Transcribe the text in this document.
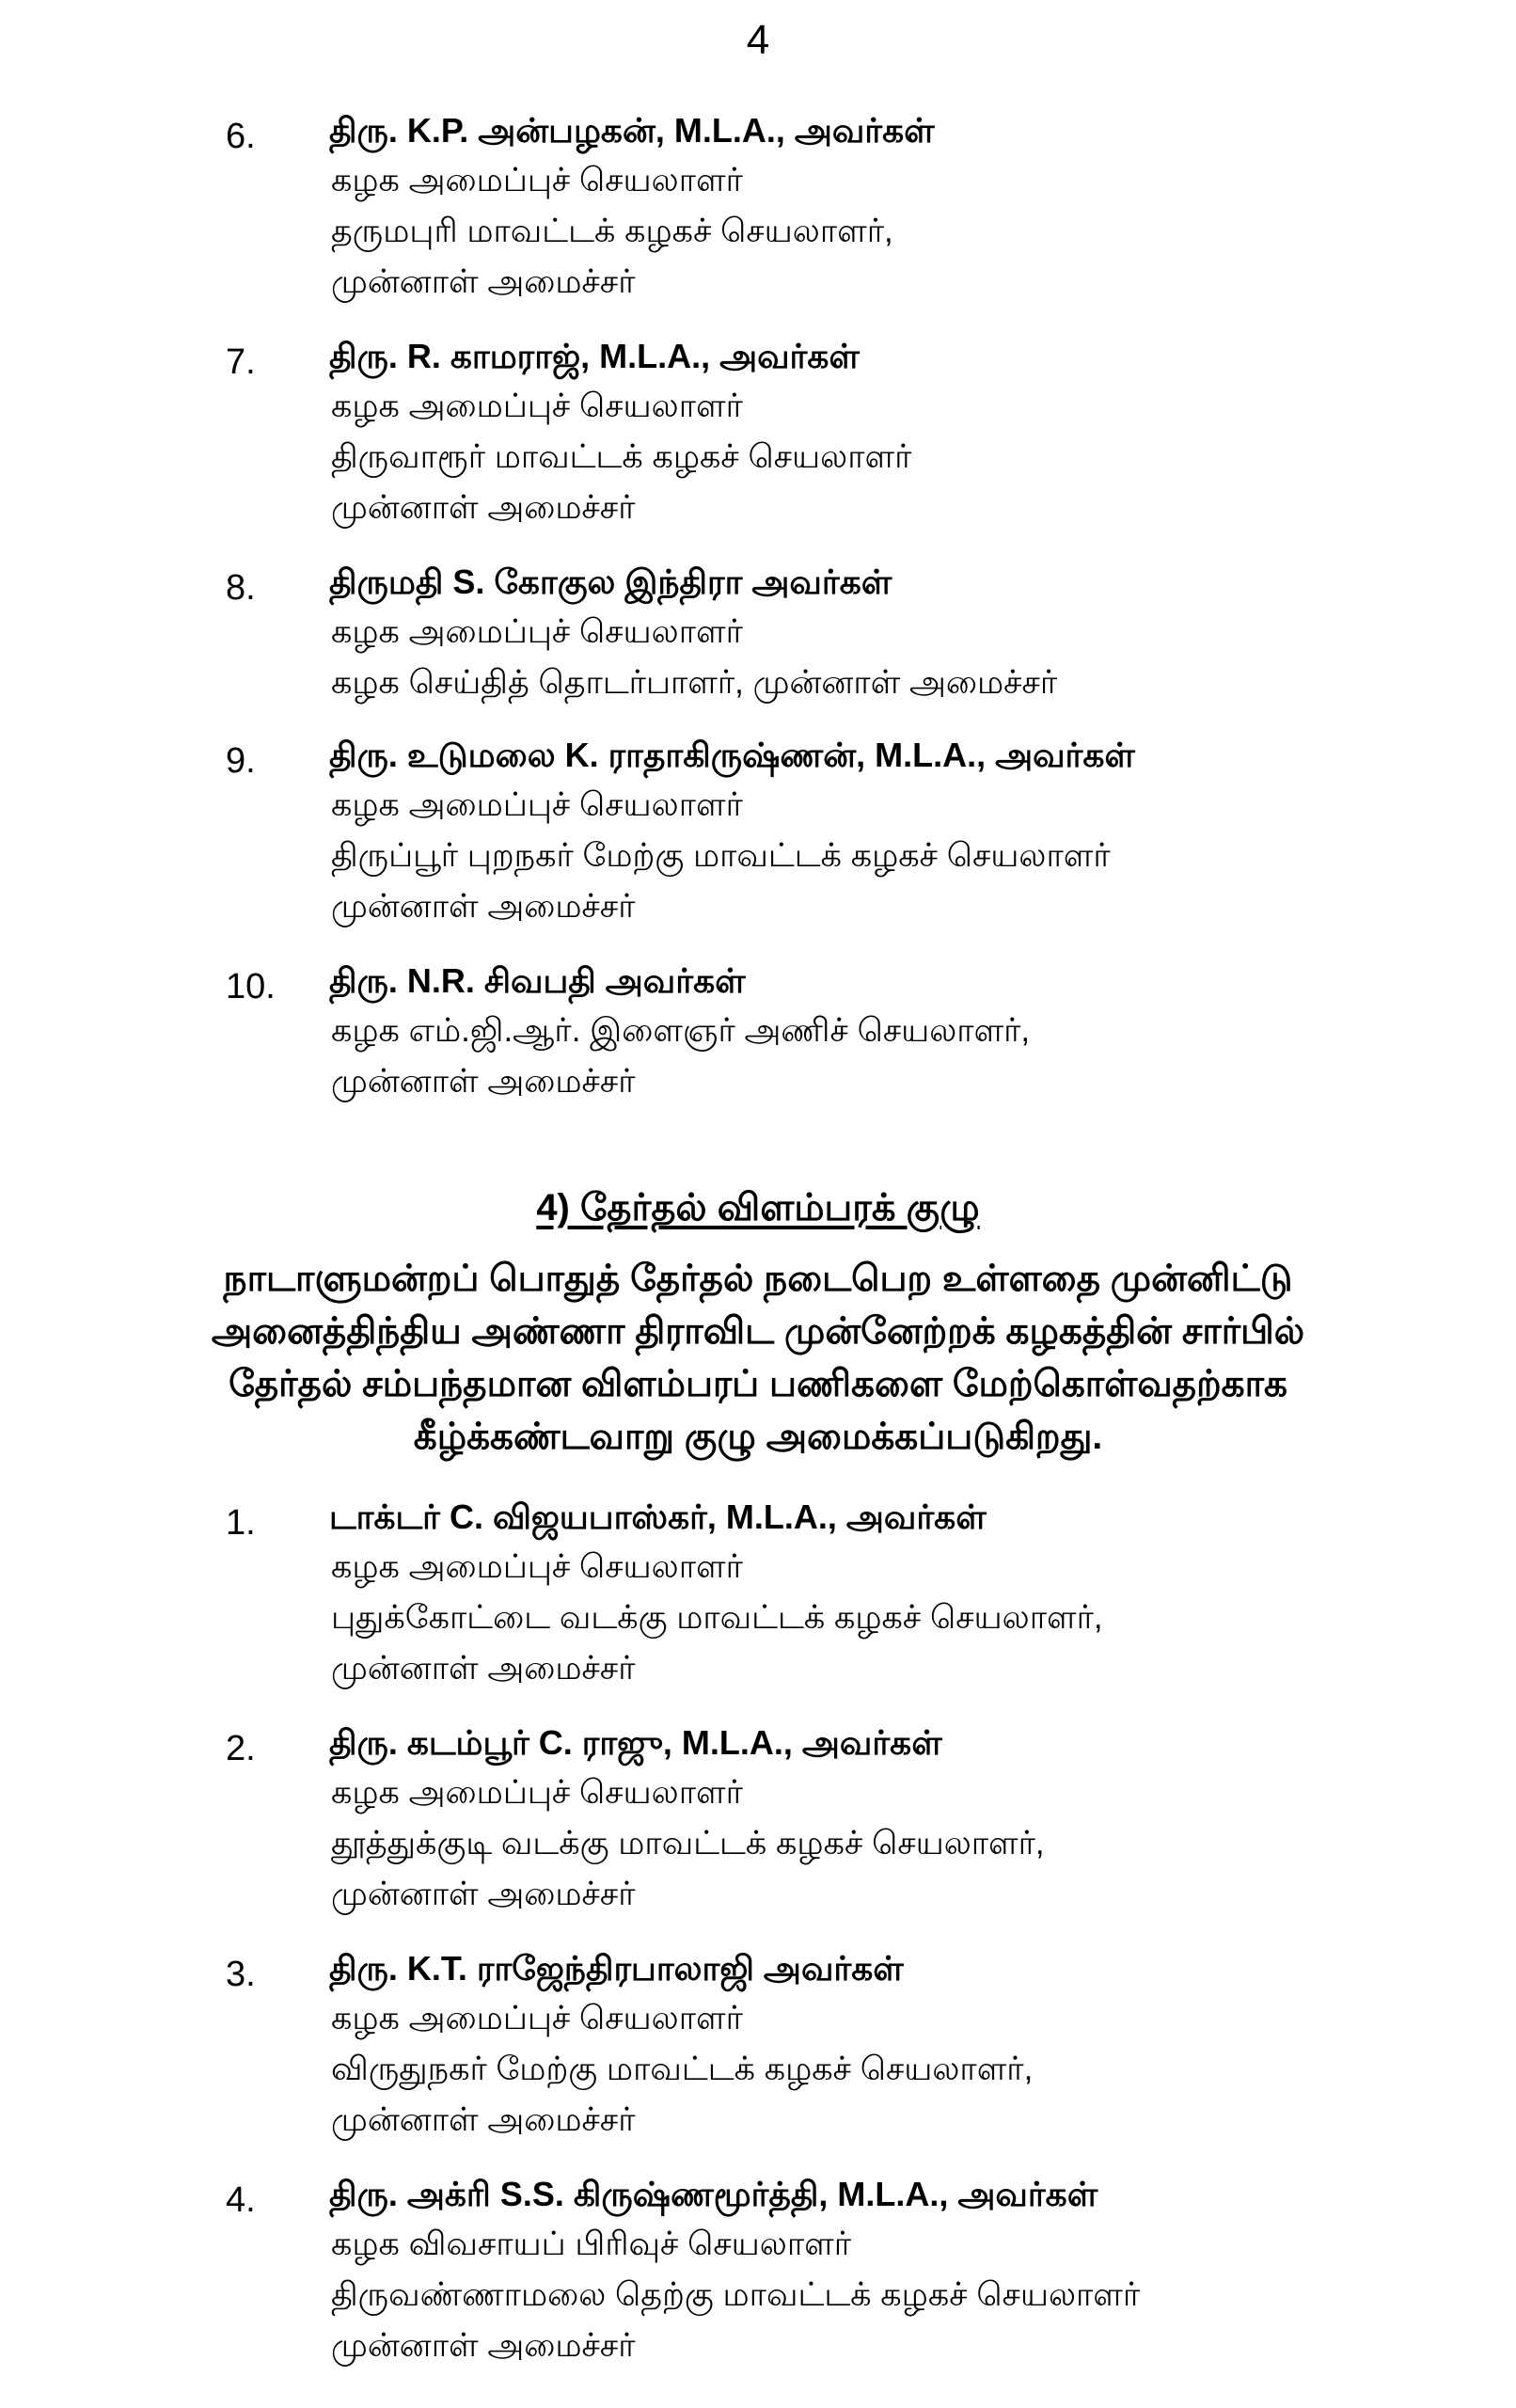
4
6. திரு. K.P. அன்பழகன், M.L.A., அவர்கள்
கழக அமைப்புச் செயலாளர்
தருமபுரி மாவட்டக் கழகச் செயலாளர்,
முன்னாள் அமைச்சர்
7. திரு. R. காமராஜ், M.L.A., அவர்கள்
கழக அமைப்புச் செயலாளர்
திருவாரூர் மாவட்டக் கழகச் செயலாளர்
முன்னாள் அமைச்சர்
8. திருமதி S. கோகுல இந்திரா அவர்கள்
கழக அமைப்புச் செயலாளர்
கழக செய்தித் தொடர்பாளர், முன்னாள் அமைச்சர்
9. திரு. உடுமலை K. ராதாகிருஷ்ணன், M.L.A., அவர்கள்
கழக அமைப்புச் செயலாளர்
திருப்பூர் புறநகர் மேற்கு மாவட்டக் கழகச் செயலாளர்
முன்னாள் அமைச்சர்
10. திரு. N.R. சிவபதி அவர்கள்
கழக எம்.ஜி.ஆர். இளைஞர் அணிச் செயலாளர்,
முன்னாள் அமைச்சர்
4) தேர்தல் விளம்பரக் குழு
நாடாளுமன்றப் பொதுத் தேர்தல் நடைபெற உள்ளதை முன்னிட்டு
அனைத்திந்திய அண்ணா திராவிட முன்னேற்றக் கழகத்தின் சார்பில்
தேர்தல் சம்பந்தமான விளம்பரப் பணிகளை மேற்கொள்வதற்காக
கீழ்க்கண்டவாறு குழு அமைக்கப்படுகிறது.
1. டாக்டர் C. விஜயபாஸ்கர், M.L.A., அவர்கள்
கழக அமைப்புச் செயலாளர்
புதுக்கோட்டை வடக்கு மாவட்டக் கழகச் செயலாளர்,
முன்னாள் அமைச்சர்
2. திரு. கடம்பூர் C. ராஜு, M.L.A., அவர்கள்
கழக அமைப்புச் செயலாளர்
தூத்துக்குடி வடக்கு மாவட்டக் கழகச் செயலாளர்,
முன்னாள் அமைச்சர்
3. திரு. K.T. ராஜேந்திரபாலாஜி அவர்கள்
கழக அமைப்புச் செயலாளர்
விருதுநகர் மேற்கு மாவட்டக் கழகச் செயலாளர்,
முன்னாள் அமைச்சர்
4. திரு. அக்ரி S.S. கிருஷ்ணமூர்த்தி, M.L.A., அவர்கள்
கழக விவசாயப் பிரிவுச் செயலாளர்
திருவண்ணாமலை தெற்கு மாவட்டக் கழகச் செயலாளர்
முன்னாள் அமைச்சர்
